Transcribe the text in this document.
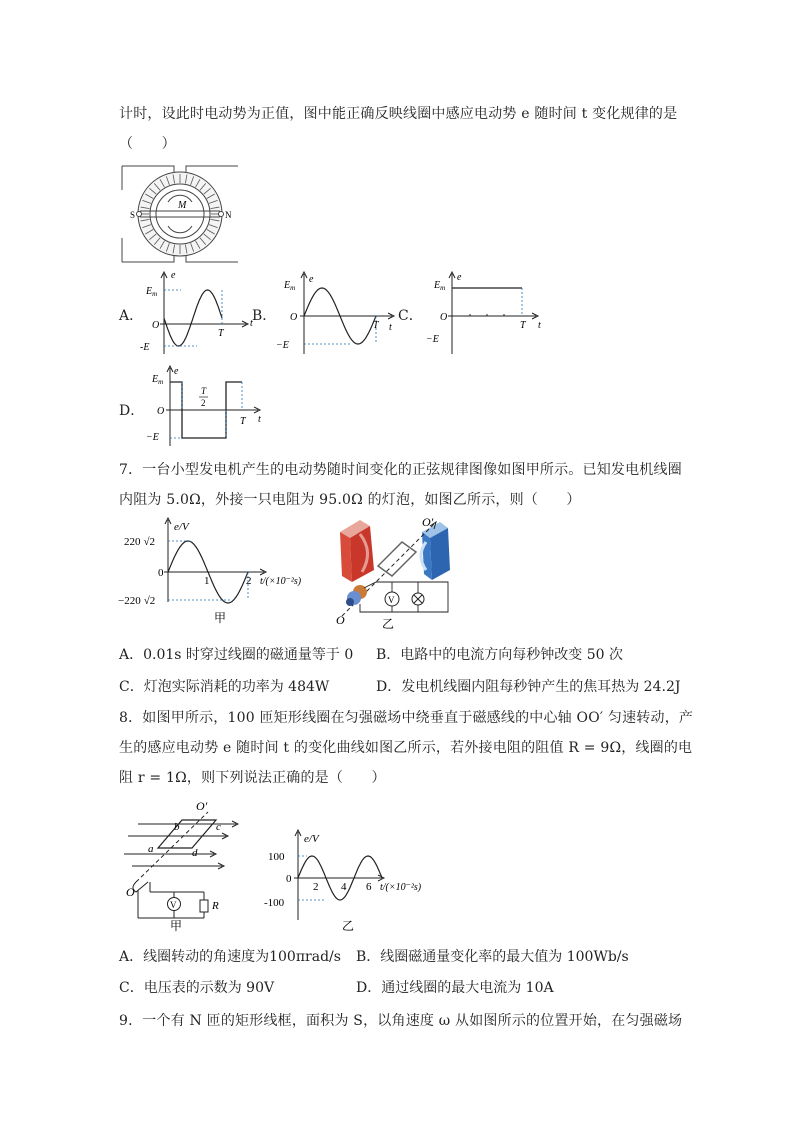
计时，设此时电动势为正值，图中能正确反映线圈中感应电动势 e 随时间 t 变化规律的是
（　　）
S	N
M
A．
e
$E_m$
O
-E
T
t B．
e
$E_m$
O
−E
T t
C．
e
$E_m$
O
−E
T t
D．
e
$E_m$
O
−E
T
2
T t
7．一台小型发电机产生的电动势随时间变化的正弦规律图像如图甲所示。已知发电机线圈
内阻为 5.0Ω，外接一只电阻为 95.0Ω 的灯泡，如图乙所示，则（　　）
e/V
220 √2
0
−220 √2
1	2 t/(×10⁻²s)
甲
V
O′
O	乙
A．0.01s 时穿过线圈的磁通量等于 0 B．电路中的电流方向每秒钟改变 50 次
C．灯泡实际消耗的功率为 484W	D．发电机线圈内阻每秒钟产生的焦耳热为 24.2J
8．如图甲所示，100 匝矩形线圈在匀强磁场中绕垂直于磁感线的中心轴 OO′ 匀速转动，产
生的感应电动势 e 随时间 t 的变化曲线如图乙所示，若外接电阻的阻值 R = 9Ω，线圈的电
阻 r = 1Ω，则下列说法正确的是（　　）
V	R
O′
O
b	c
a	d
甲
e/V
100
0
-100
2 4 6 t/(×10⁻²s)
乙
A．线圈转动的角速度为100πrad/s B．线圈磁通量变化率的最大值为 100Wb/s
C．电压表的示数为 90V	D．通过线圈的最大电流为 10A
9．一个有 N 匝的矩形线框，面积为 S，以角速度 ω 从如图所示的位置开始，在匀强磁场
